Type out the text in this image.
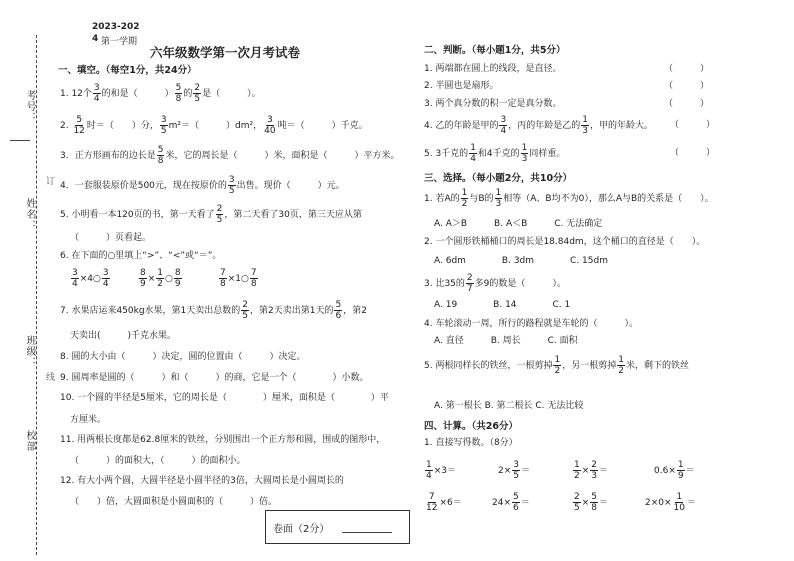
考号：
姓名：
班级：
校部
订
线
2023-202
4 第一学期
六年级数学第一次月考试卷
一、填空。（每空1分，共24分）
1. 12个 $\frac{3}{4}$ 的和是（　　　） $\frac{5}{8}$ 的 $\frac{2}{5}$ 是（　　　）。
2. $\frac{5}{12}$ 时＝（　　）分， $\frac{3}{5} m^2=$（　　　）dm²， $\frac{3}{40}$ 吨＝（　　　）千克。
3．正方形画布的边长是 $\frac{5}{8}$ 米，它的周长是（　　　）米，面积是（　　　）平方米。
4．一套服装原价是500元，现在按原价的 $\frac{3}{5}$ 出售。现价（　　　）元。
5. 小明看一本120页的书，第一天看了 $\frac{2}{5}$ ，第二天看了30页，第三天应从第
（　　　）页看起。
6. 在下面的○里填上“>”、“<”或“＝”。
$\frac{3}{4}$ ×4○ $\frac{3}{4}$	$\frac{8}{9} \times \frac{1}{2}$ ○ $\frac{8}{9}$	$\frac{7}{8}$ ×1○ $\frac{7}{8}$
7. 水果店运来450kg水果，第1天卖出总数的 $\frac{2}{5}$ ，第2天卖出第1天的 $\frac{5}{6}$ ，第2
天卖出(　　　)千克水果。
8. 圆的大小由（　　　）决定，圆的位置由（　　　）决定。
9. 圆周率是圆的（　　　）和（　　　）的商，它是一个（　　　　）小数。
10. 一个圆的半径是5厘米，它的周长是（　　　　）厘米，面积是（　　　　）平
方厘米。
11. 用两根长度都是62.8厘米的铁丝，分别围出一个正方形和圆，围成的图形中，
（　　　）的面积大，（　　　）的面积小。
12. 有大小两个圆，大圆半径是小圆半径的3倍，大圆周长是小圆周长的
（　　）倍，大圆面积是小圆面积的（　　　）倍。
卷面（2分）
二、判断。（每小题1分，共5分）
1. 两端都在圆上的线段，是直径。	（　　　）
2. 半圆也是扇形。	（　　　）
3. 两个真分数的积一定是真分数。	（　　　）
4. 乙的年龄是甲的 $\frac{3}{4}$ ，丙的年龄是乙的 $\frac{1}{3}$ ，甲的年龄大。 （　　　）
5. 3千克的 $\frac{1}{4}$ 和4千克的 $\frac{1}{3}$ 同样重。	（　　　）
三、选择。（每小题2分，共10分）
1. 若A的 $\frac{1}{2}$ 与B的 $\frac{1}{3}$ 相等（A、B均不为0），那么A与B的关系是（　　）。
A. A＞B　　　B. A＜B　　　C. 无法确定
2. 一个圆形铁桶桶口的周长是18.84dm，这个桶口的直径是（　　）。
A. 6dm　　　　B. 3dm　　　　C. 15dm
3. 比35的 $\frac{2}{7}$ 多9的数是（　　　）。
A. 19　　　　B. 14　　　　C. 1
4. 车轮滚动一周，所行的路程就是车轮的（　　　）。
A. 直径　　　B. 周长　　　C. 面积
5. 两根同样长的铁丝，一根剪掉 $\frac{1}{2}$ ，另一根剪掉 $\frac{1}{2}$ 米，剩下的铁丝
A. 第一根长 B. 第二根长 C. 无法比较
四、计算。（共26分）
1. 直接写得数。（8分）
$\frac{1}{4} \times 3=$	$2\times \frac{3}{5}$ ＝	$\frac{1}{2} \times \frac{2}{3}$ ＝	$0.6\times \frac{1}{9}$ ＝
$\frac{7}{12} \times 6=$	$24\times \frac{5}{6}$ ＝	$\frac{2}{5} \times \frac{5}{8}$ ＝	$2\times 0\times \frac{1}{10}$ ＝
